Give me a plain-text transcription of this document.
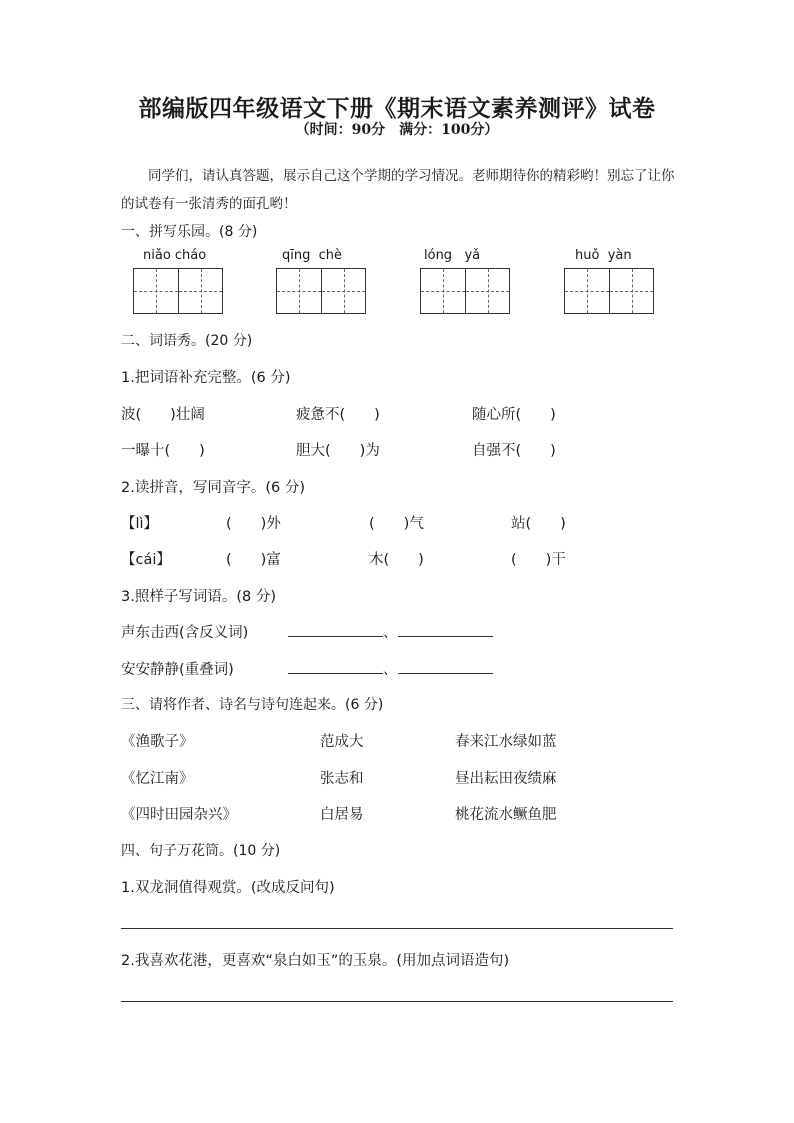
部编版四年级语文下册《期末语文素养测评》试卷
（时间：90分　满分：100分）
同学们，请认真答题，展示自己这个学期的学习情况。老师期待你的精彩哟！别忘了让你的试卷有一张清秀的面孔哟！
一、拼写乐园。(8 分)
niǎo cháo	qīng  chè	lóng   yǎ	huǒ  yàn
二、词语秀。(20 分)
1.把词语补充完整。(6 分)
波(　　)壮阔	疲惫不(　　)	随心所(　　)
一曝十(　　)	胆大(　　)为	自强不(　　)
2.读拼音，写同音字。(6 分)
【lì】	(　　)外	(　　)气	站(　　)
【cái】	(　　)富	木(　　)	(　　)干
3.照样子写词语。(8 分)
声东击西(含反义词)	、
安安静静(重叠词)	、
三、请将作者、诗名与诗句连起来。(6 分)
《渔歌子》	范成大	春来江水绿如蓝
《忆江南》	张志和	昼出耘田夜绩麻
《四时田园杂兴》	白居易	桃花流水鳜鱼肥
四、句子万花筒。(10 分)
1.双龙洞值得观赏。(改成反问句)
2.我喜欢花港，更喜欢“泉白如玉”的玉泉。(用加点词语造句)
